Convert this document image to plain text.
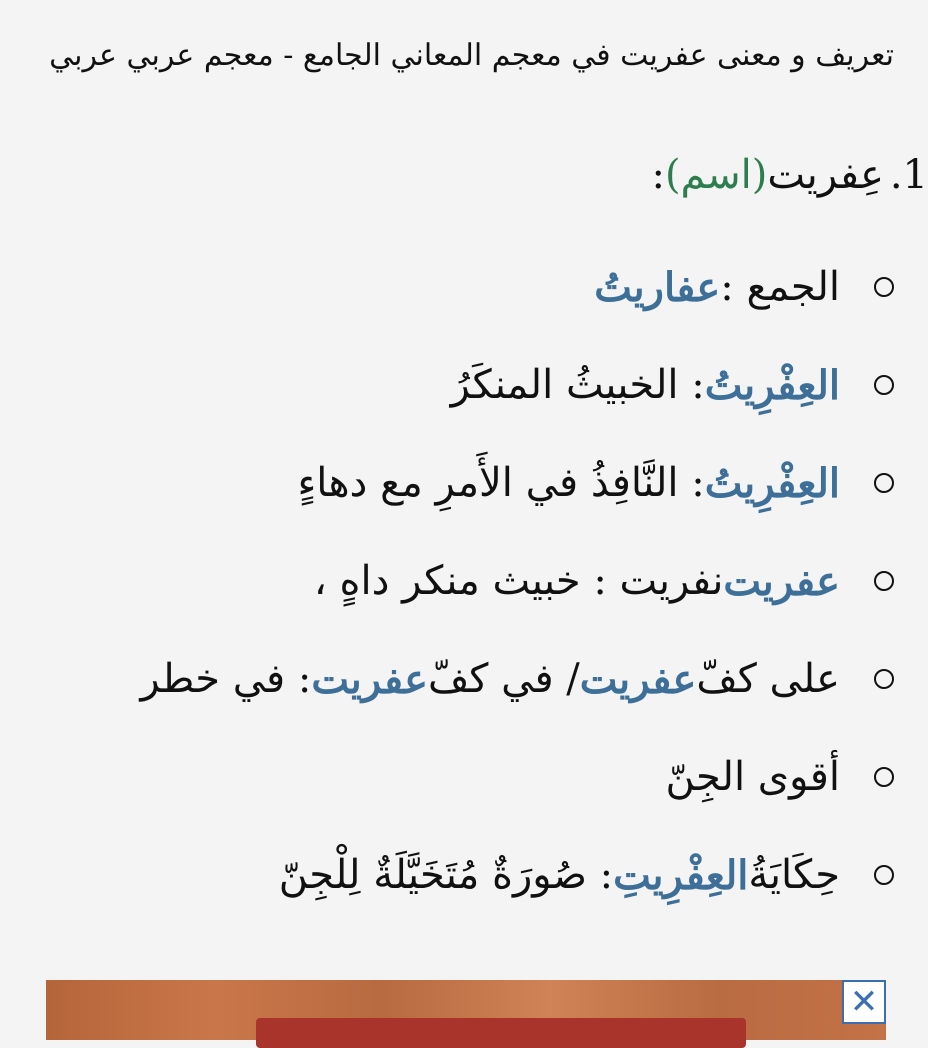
تعريف و معنى عفريت في معجم المعاني الجامع - معجم عربي عربي
1.
عِفريت
(
اسم
)
:
الجمع :
عفاريتُ
العِفْرِيتُ
: الخبيثُ المنكَرُ
العِفْرِيتُ
: النَّافِذُ في الأَمرِ مع دهاءٍ
عفريت
نفريت : خبيث منكر داهٍ ،
على كفّ
عفريت
/ في كفّ
عفريت
: في خطر
أقوى الجِنّ
حِكَايَةُ
العِفْرِيتِ
: صُورَةٌ مُتَخَيَّلَةٌ لِلْجِنّ
✕
